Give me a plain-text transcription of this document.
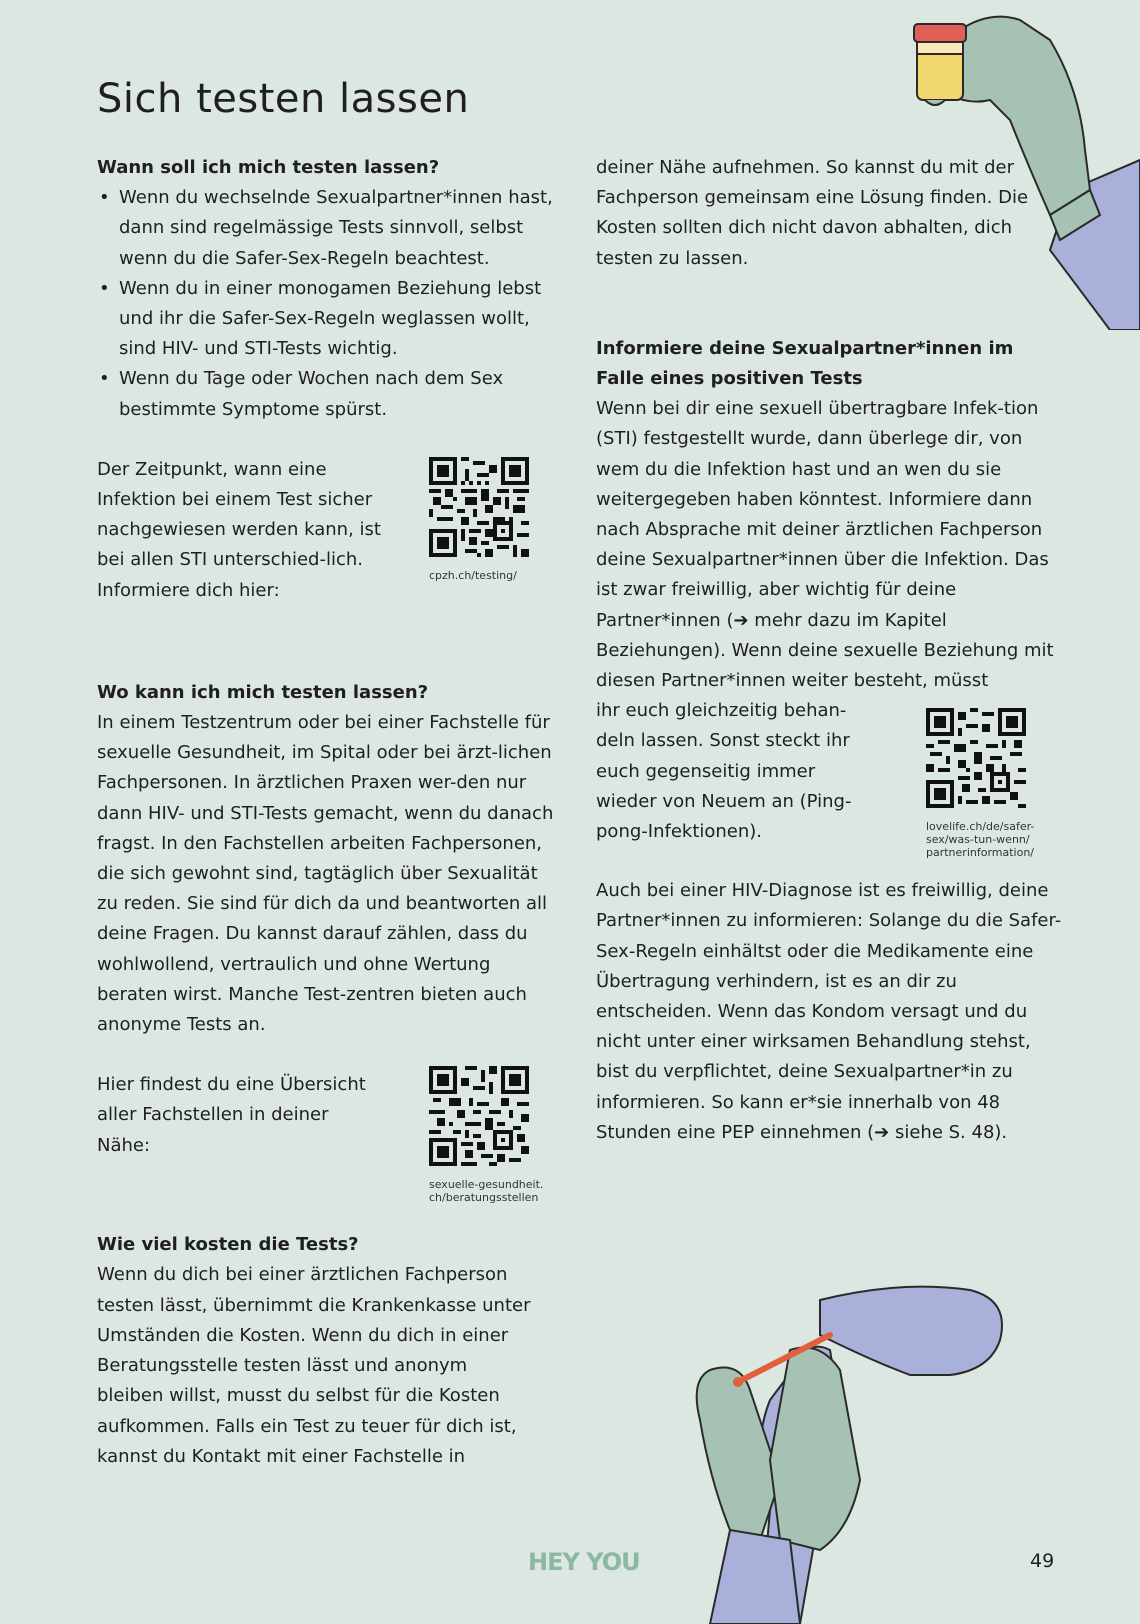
Sich testen lassen
Wann soll ich mich testen lassen?
• Wenn du wechselnde Sexualpartner*innen hast, dann sind regelmässige Tests sinnvoll, selbst wenn du die Safer-Sex-Regeln beachtest.
• Wenn du in einer monogamen Beziehung lebst und ihr die Safer-Sex-Regeln weglassen wollt, sind HIV- und STI-Tests wichtig.
• Wenn du Tage oder Wochen nach dem Sex bestimmte Symptome spürst.

Der Zeitpunkt, wann eine Infektion bei einem Test sicher nachgewiesen werden kann, ist bei allen STI unterschied-lich. Informiere dich hier:

cpzh.ch/testing/
Wo kann ich mich testen lassen?

In einem Testzentrum oder bei einer Fachstelle für sexuelle Gesundheit, im Spital oder bei ärzt-lichen Fachpersonen. In ärztlichen Praxen wer-den nur dann HIV- und STI-Tests gemacht, wenn du danach fragst. In den Fachstellen arbeiten Fachpersonen, die sich gewohnt sind, tagtäglich über Sexualität zu reden. Sie sind für dich da und beantworten all deine Fragen. Du kannst darauf zählen, dass du wohlwollend, vertraulich und ohne Wertung beraten wirst. Manche Test-zentren bieten auch anonyme Tests an.

Hier findest du eine Übersicht aller Fachstellen in deiner Nähe:

sexuelle-gesundheit.
ch/beratungsstellen
Wie viel kosten die Tests?

Wenn du dich bei einer ärztlichen Fachperson testen lässt, übernimmt die Krankenkasse unter Umständen die Kosten. Wenn du dich in einer Beratungsstelle testen lässt und anonym bleiben willst, musst du selbst für die Kosten aufkommen. Falls ein Test zu teuer für dich ist, kannst du Kontakt mit einer Fachstelle in

deiner Nähe aufnehmen. So kannst du mit der Fachperson gemeinsam eine Lösung finden. Die Kosten sollten dich nicht davon abhalten, dich testen zu lassen.

Informiere deine Sexualpartner*innen im Falle eines positiven Tests

Wenn bei dir eine sexuell übertragbare Infek-tion (STI) festgestellt wurde, dann überlege dir, von wem du die Infektion hast und an wen du sie weitergegeben haben könntest. Informiere dann nach Absprache mit deiner ärztlichen Fachperson deine Sexualpartner*innen über die Infektion. Das ist zwar freiwillig, aber wichtig für deine Partner*innen (➔ mehr dazu im Kapitel Beziehungen). Wenn deine sexuelle Beziehung mit diesen Partner*innen weiter besteht, müsst

ihr euch gleichzeitig behan-deln lassen. Sonst steckt ihr euch gegenseitig immer wieder von Neuem an (Ping-pong-Infektionen).	lovelife.ch/de/safer-
sex/was-tun-wenn/
partnerinformation/

Auch bei einer HIV-Diagnose ist es freiwillig, deine Partner*innen zu informieren: Solange du die Safer-Sex-Regeln einhältst oder die Medikamente eine Übertragung verhindern, ist es an dir zu entscheiden. Wenn das Kondom versagt und du nicht unter einer wirksamen Behandlung stehst, bist du verpflichtet, deine Sexualpartner*in zu informieren. So kann er*sie innerhalb von 48 Stunden eine PEP einnehmen (➔ siehe S. 48).

HEY YOU	49
